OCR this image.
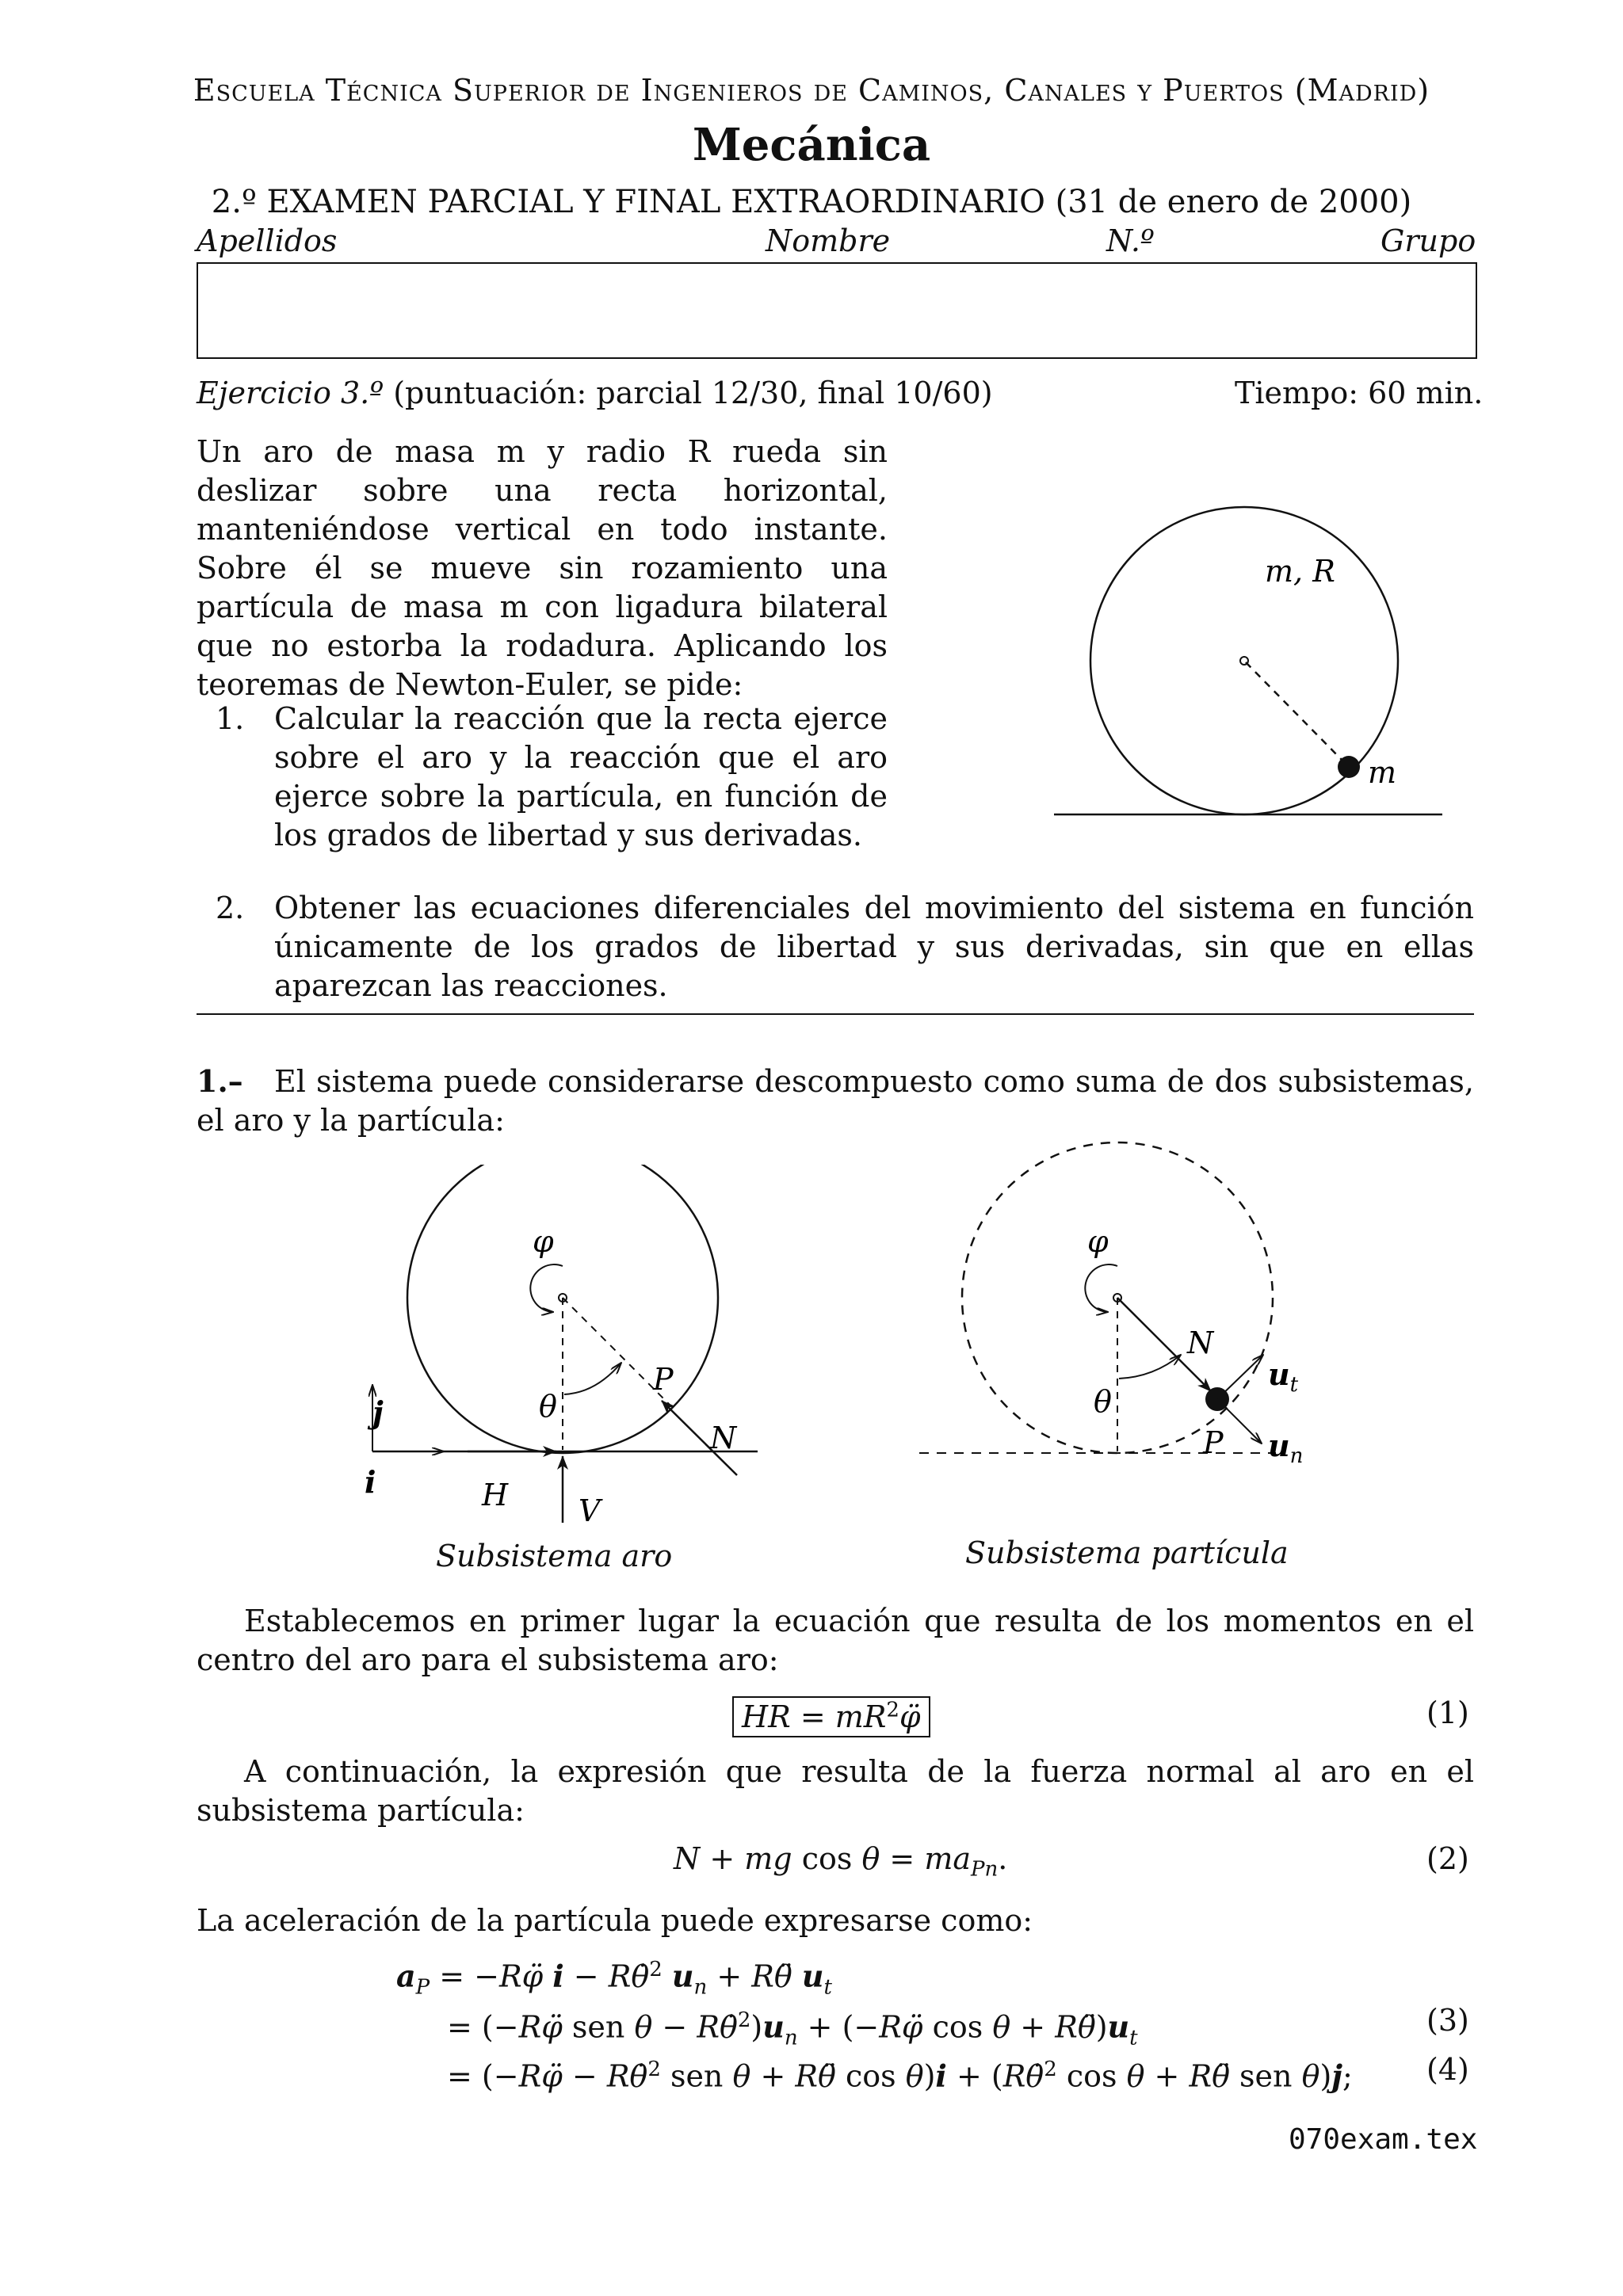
Escuela Técnica Superior de Ingenieros de Caminos, Canales y Puertos (Madrid)
Mecánica
2.º EXAMEN PARCIAL Y FINAL EXTRAORDINARIO (31 de enero de 2000)
Apellidos	Nombre	N.º	Grupo
Ejercicio 3.º (puntuación: parcial 12/30, final 10/60)	Tiempo: 60 min.
Un aro de masa m y radio R rueda sin deslizar sobre una recta horizontal, manteniéndose vertical en todo instante. Sobre él se mueve sin rozamiento una partícula de masa m con ligadura bilateral que no estorba la rodadura. Aplicando los teoremas de Newton-Euler, se pide:
1. Calcular la reacción que la recta ejerce sobre el aro y la reacción que el aro ejerce sobre la partícula, en función de los grados de libertad y sus derivadas.
2. Obtener las ecuaciones diferenciales del movimiento del sistema en función únicamente de los grados de libertad y sus derivadas, sin que en ellas aparezcan las reacciones.
m, R
m
1.– El sistema puede considerarse descompuesto como suma de dos subsistemas, el aro y la partícula:
φ
θ
P
N
j
i	H V
Subsistema aro
φ
θ
N
$u_t$
$u_n$
P
Subsistema partícula
Establecemos en primer lugar la ecuación que resulta de los momentos en el centro del aro para el subsistema aro:
HR = $mR^2\varphï$	(1)
A continuación, la expresión que resulta de la fuerza normal al aro en el subsistema partícula:
N + mg $\cos \theta = ma_{Pn}$.	(2)
La aceleración de la partícula puede expresarse como:
$a_P$ = −Rφ̈ i − Rθ̇$^2$ $u_n$ + Rθ̈ $u_t$
= (−Rφ̈ sen $\theta - R\thetȧ^2)u_n$ + (−Rφ̈ $\cos \theta + R\thetä)u_t$
(3)
= (−Rφ̈ − Rθ̇$^2$ sen θ + Rθ̈ cos θ)i + (Rθ̇$^2$ cos θ + Rθ̈ sen θ)j; (4)
070exam.tex
